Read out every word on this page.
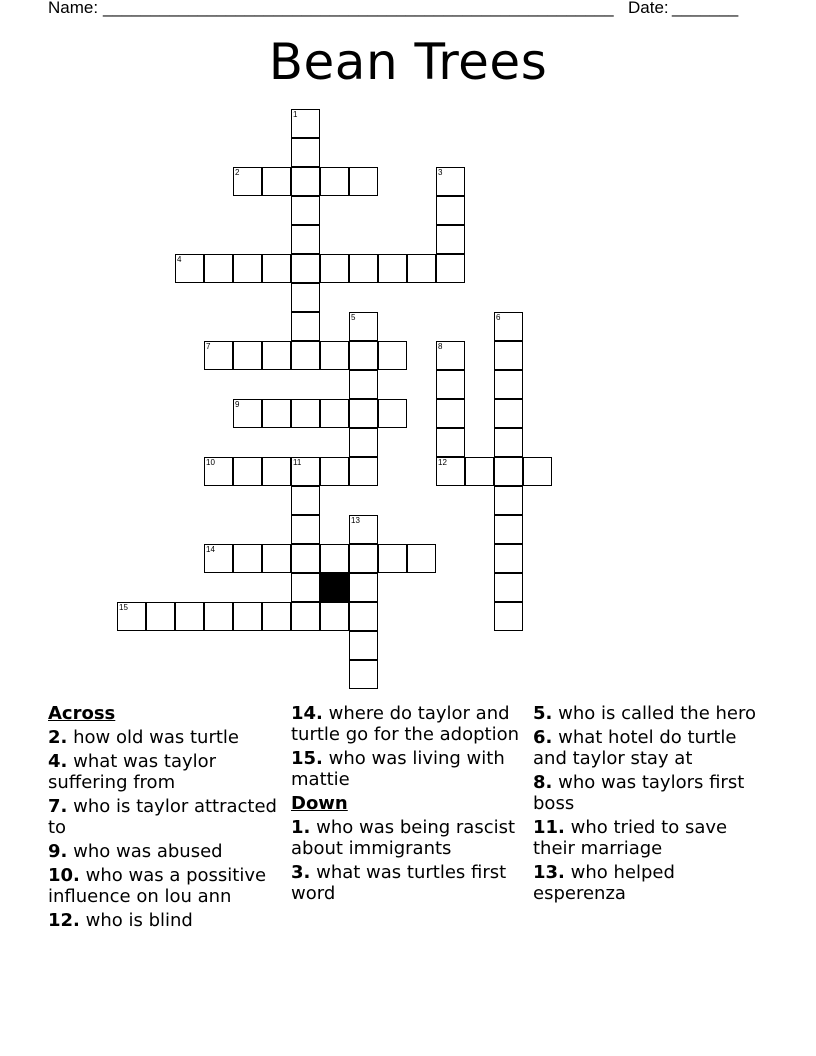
Name: ______________________________________________________ Date: _______
Bean Trees
1
2	3
4
5	6
7	8
12
9
10	11
13
14
15
Across
2. how old was turtle
4. what was taylor suffering from
7. who is taylor attracted to
9. who was abused
10. who was a possitive influence on lou ann
12. who is blind
14. where do taylor and turtle go for the adoption
15. who was living with mattie
Down
1. who was being rascist about immigrants
3. what was turtles first word
5. who is called the hero
6. what hotel do turtle and taylor stay at
8. who was taylors first boss
11. who tried to save their marriage
13. who helped esperenza
